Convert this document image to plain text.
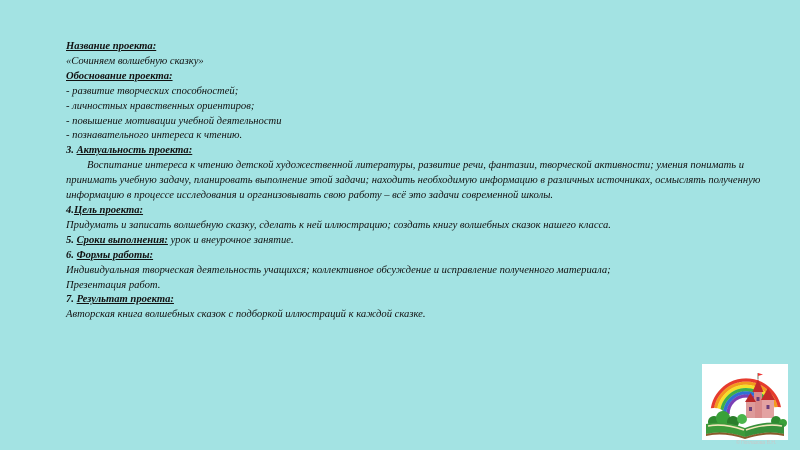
Название проекта:

«Сочиняем волшебную сказку»

Обоснование проекта:

- развитие творческих способностей;

- личностных нравственных ориентиров;

- повышение мотивации учебной деятельности

- познавательного интереса к чтению.

3. Актуальность проекта:

Воспитание интереса к чтению детской художественной литературы, развитие речи, фантазии, творческой активности; умения понимать и принимать учебную задачу, планировать выполнение этой задачи; находить необходимую информацию в различных источниках, осмыслять полученную информацию в процессе исследования и организовывать свою работу – всё это задачи современной школы.

4.Цель проекта:

Придумать и записать волшебную сказку, сделать к ней иллюстрацию; создать книгу волшебных сказок нашего класса.

5. Сроки выполнения: урок и внеурочное занятие.

6. Формы работы:

Индивидуальная творческая деятельность учащихся; коллективное обсуждение и исправление полученного материала;

Презентация работ.

7. Результат проекта:

Авторская книга волшебных сказок с подборкой иллюстраций к каждой сказке.

© Поглазова В.Н.
